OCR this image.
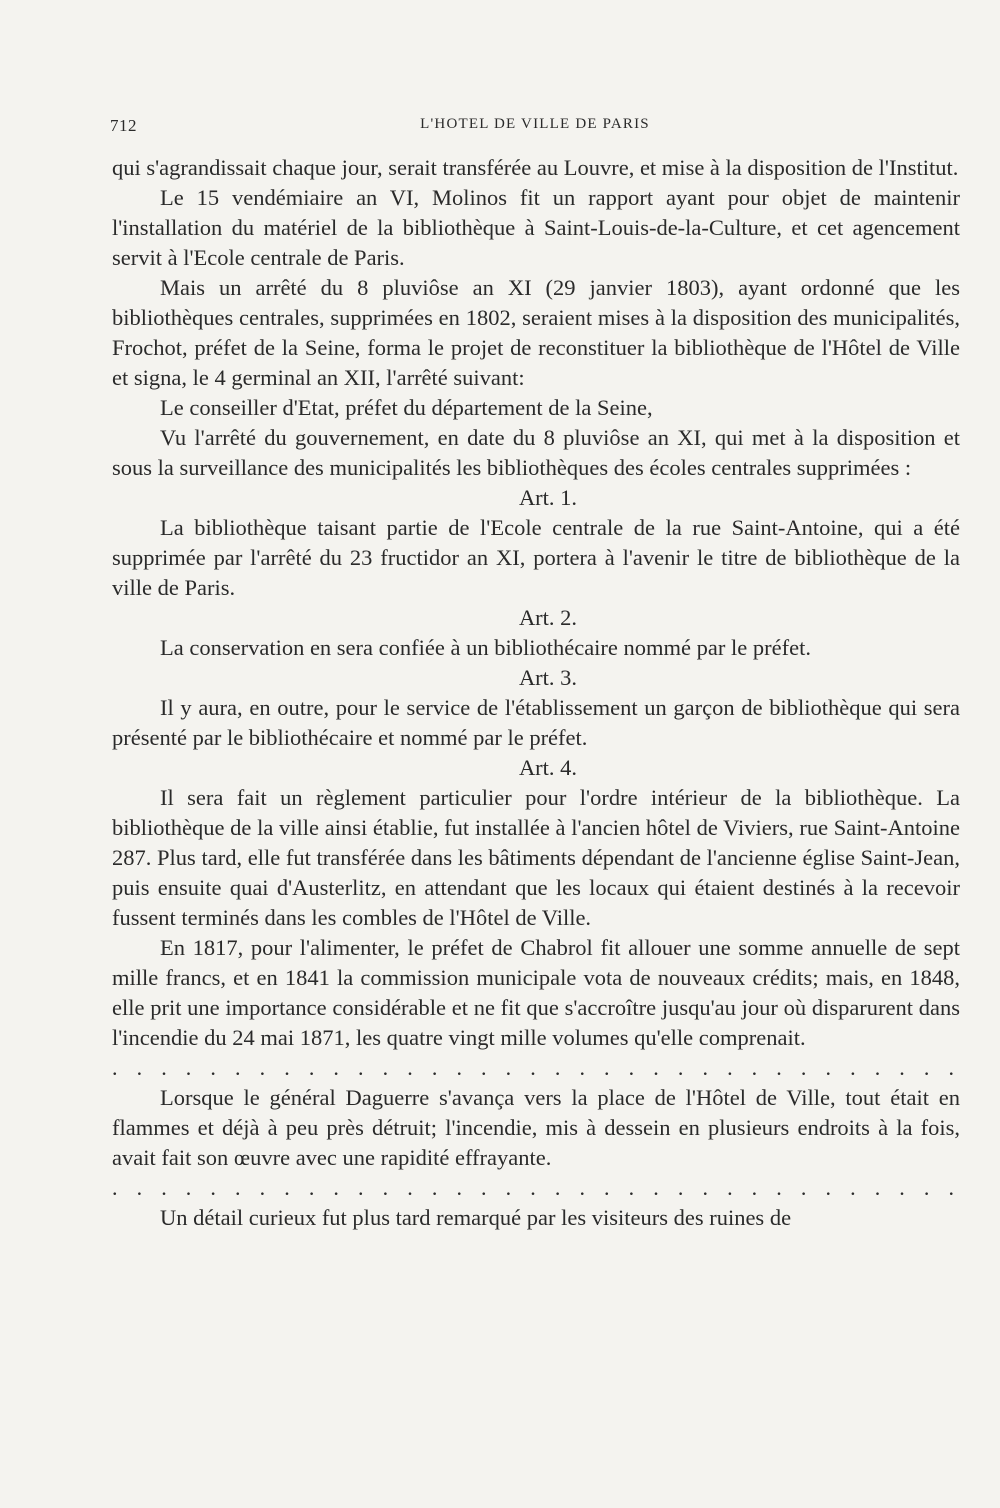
712	L'HOTEL DE VILLE DE PARIS

qui s'agrandissait chaque jour, serait transférée au Louvre, et mise à la disposition de l'Institut.

Le 15 vendémiaire an VI, Molinos fit un rapport ayant pour objet de maintenir l'installation du matériel de la bibliothèque à Saint-Louis-de-la-Culture, et cet agencement servit à l'Ecole centrale de Paris.

Mais un arrêté du 8 pluviôse an XI (29 janvier 1803), ayant ordonné que les bibliothèques centrales, supprimées en 1802, seraient mises à la disposition des municipalités, Frochot, préfet de la Seine, forma le projet de reconstituer la bibliothèque de l'Hôtel de Ville et signa, le 4 germinal an XII, l'arrêté suivant:

Le conseiller d'Etat, préfet du département de la Seine,

Vu l'arrêté du gouvernement, en date du 8 pluviôse an XI, qui met à la disposition et sous la surveillance des municipalités les bibliothèques des écoles centrales supprimées :

Art. 1.

La bibliothèque taisant partie de l'Ecole centrale de la rue Saint-Antoine, qui a été supprimée par l'arrêté du 23 fructidor an XI, portera à l'avenir le titre de bibliothèque de la ville de Paris.

Art. 2.

La conservation en sera confiée à un bibliothécaire nommé par le préfet.

Art. 3.

Il y aura, en outre, pour le service de l'établissement un garçon de bibliothèque qui sera présenté par le bibliothécaire et nommé par le préfet.

Art. 4.

Il sera fait un règlement particulier pour l'ordre intérieur de la bibliothèque. La bibliothèque de la ville ainsi établie, fut installée à l'ancien hôtel de Viviers, rue Saint-Antoine 287. Plus tard, elle fut transférée dans les bâtiments dépendant de l'ancienne église Saint-Jean, puis ensuite quai d'Austerlitz, en attendant que les locaux qui étaient destinés à la recevoir fussent terminés dans les combles de l'Hôtel de Ville.

En 1817, pour l'alimenter, le préfet de Chabrol fit allouer une somme annuelle de sept mille francs, et en 1841 la commission municipale vota de nouveaux crédits; mais, en 1848, elle prit une importance considérable et ne fit que s'accroître jusqu'au jour où disparurent dans l'incendie du 24 mai 1871, les quatre vingt mille volumes qu'elle comprenait.

. . . . . . . . . . . . . . . . . . . . . . . . . . . . . . . . . . .

Lorsque le général Daguerre s'avança vers la place de l'Hôtel de Ville, tout était en flammes et déjà à peu près détruit; l'incendie, mis à dessein en plusieurs endroits à la fois, avait fait son œuvre avec une rapidité effrayante.

. . . . . . . . . . . . . . . . . . . . . . . . . . . . . . . . . . .

Un détail curieux fut plus tard remarqué par les visiteurs des ruines de
